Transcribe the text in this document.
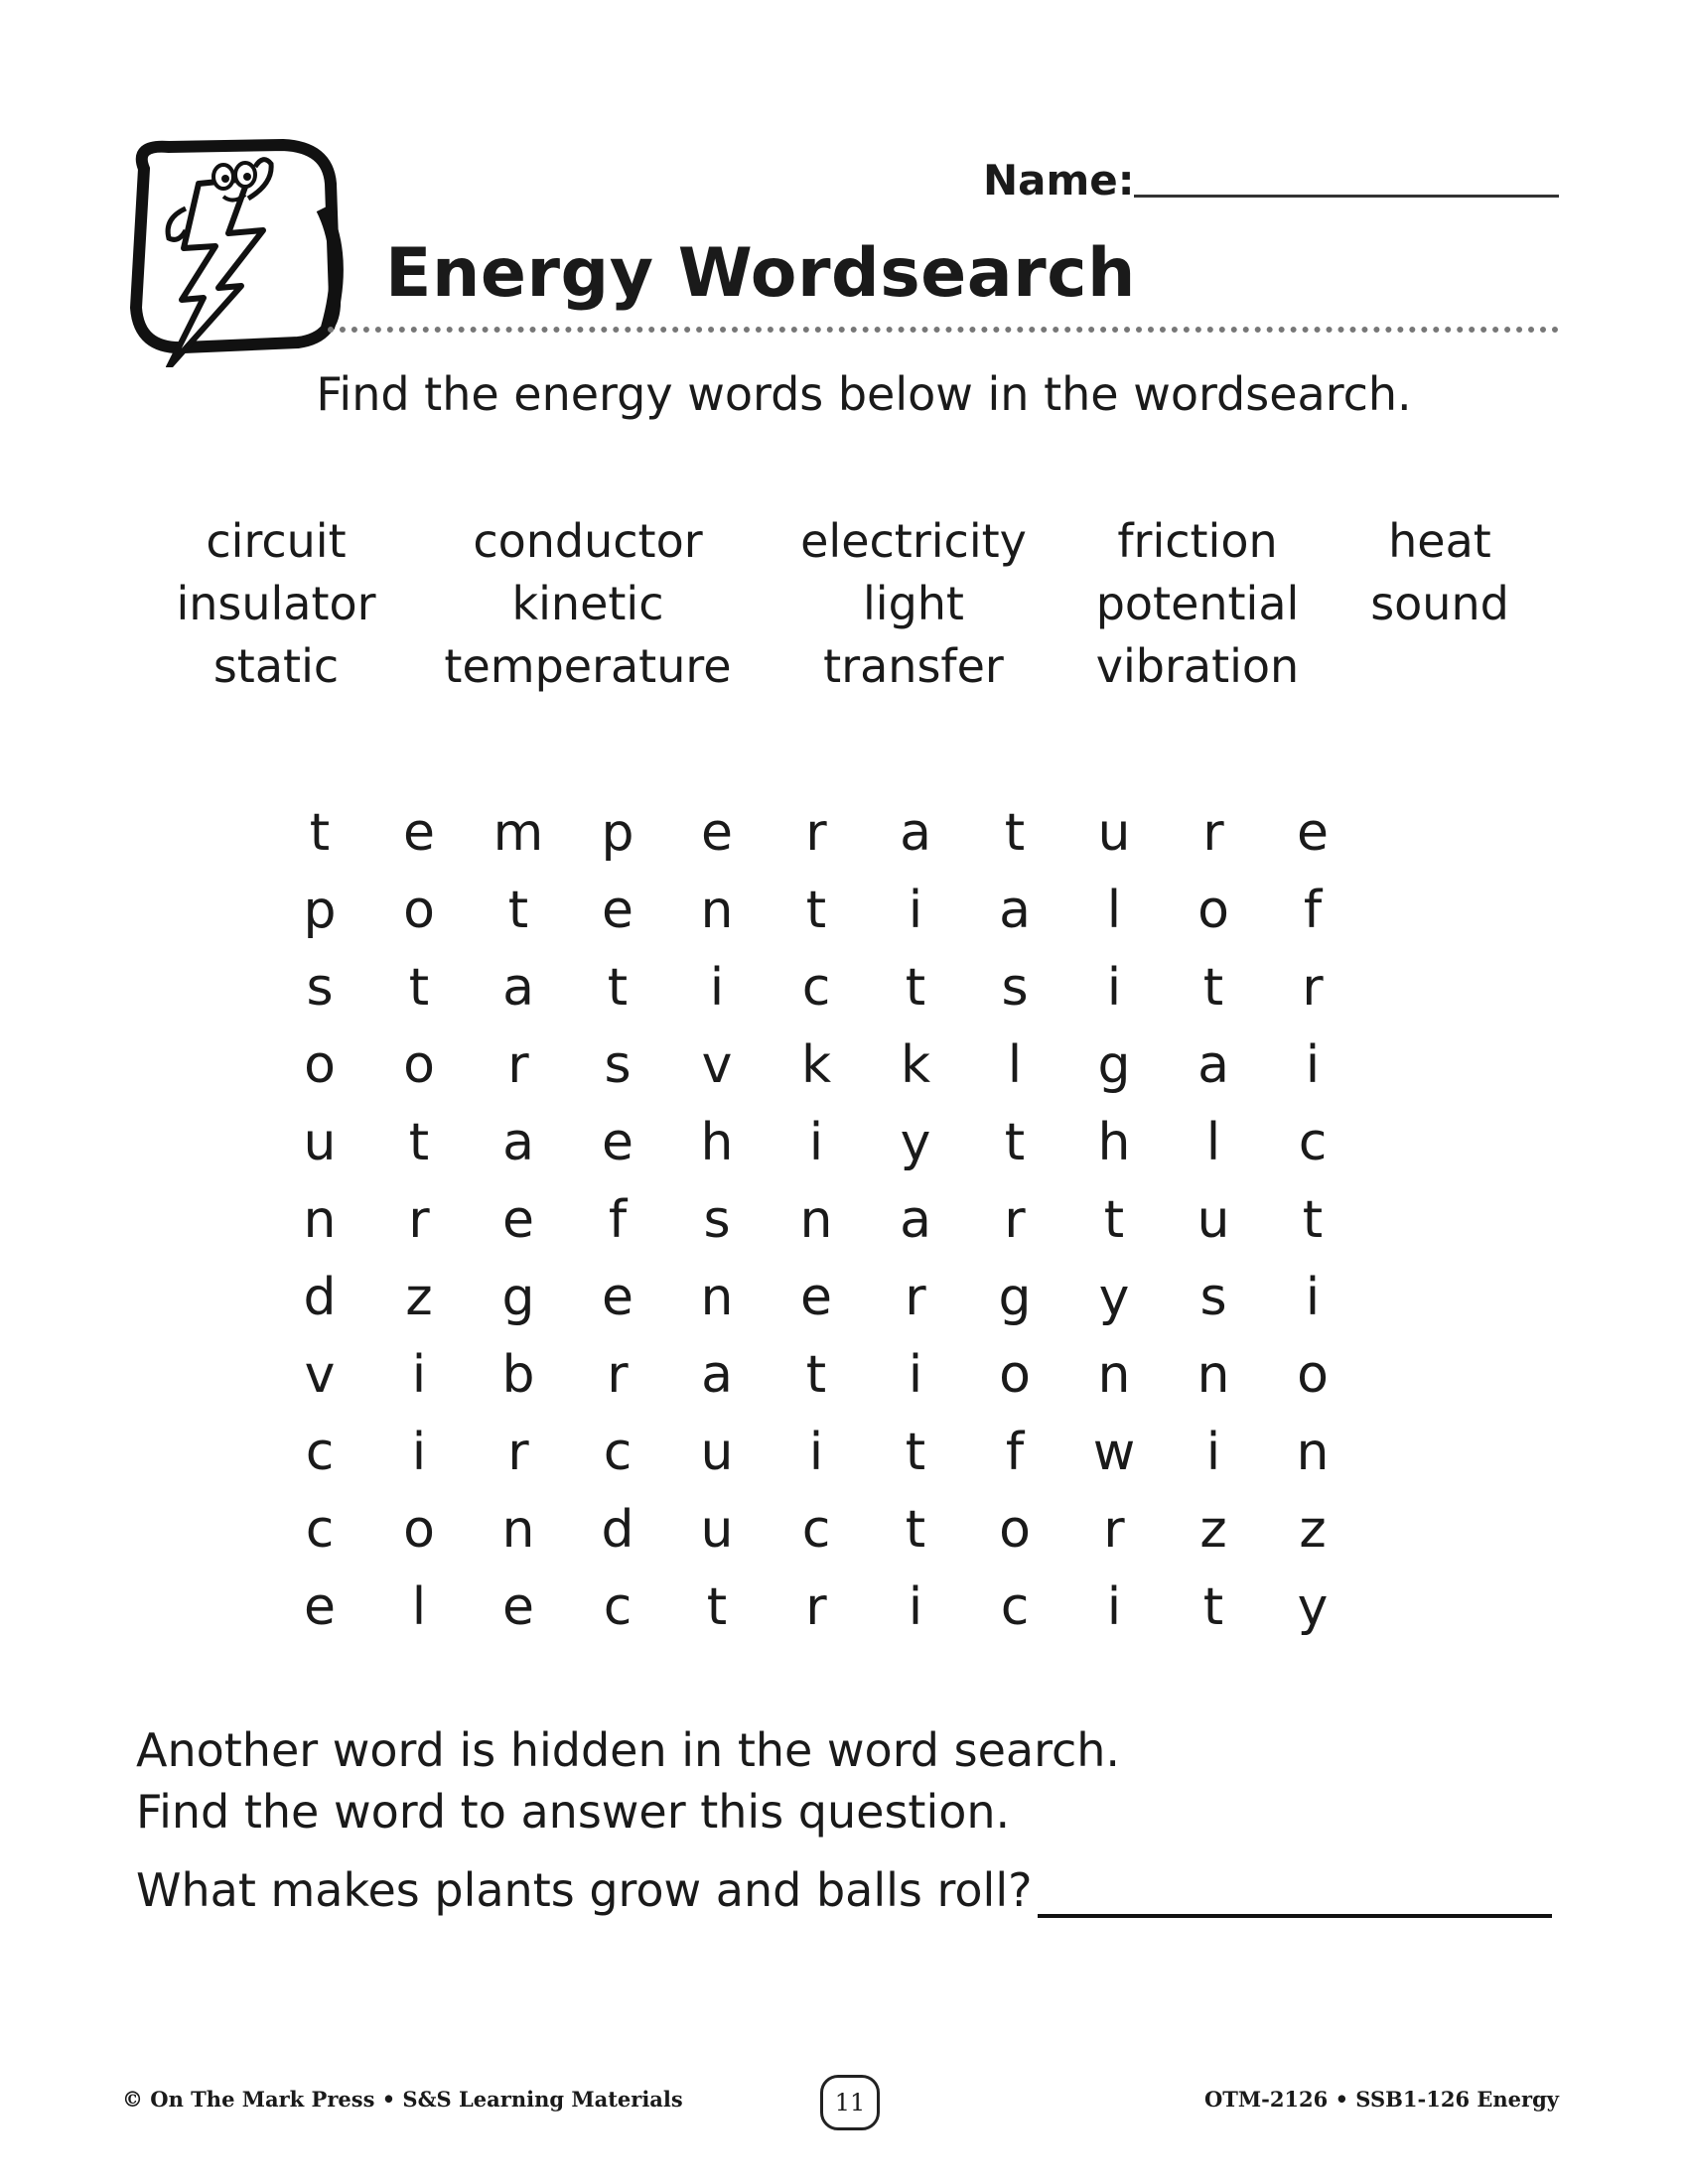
Name:
Energy Wordsearch
Find the energy words below in the wordsearch.
circuit
insulator
static
conductor
kinetic
temperature
electricity
light
transfer
friction
potential
vibration
heat
sound
t	e	m	p	e	r	a	t	u	r	e
p	o	t	e	n	t	i	a	l	o	f
s	t	a	t	i	c	t	s	i	t	r
o	o	r	s	v	k	k	l	g	a	i
u	t	a	e	h	i	y	t	h	l	c
n	r	e	f	s	n	a	r	t	u	t
d	z	g	e	n	e	r	g	y	s	i
v	i	b	r	a	t	i	o	n	n	o
c	i	r	c	u	i	t	f	w	i	n
c	o	n	d	u	c	t	o	r	z	z
e	l	e	c	t	r	i	c	i	t	y
Another word is hidden in the word search.
Find the word to answer this question.
What makes plants grow and balls roll?
© On The Mark Press • S&S Learning Materials	11	OTM-2126 • SSB1-126 Energy
